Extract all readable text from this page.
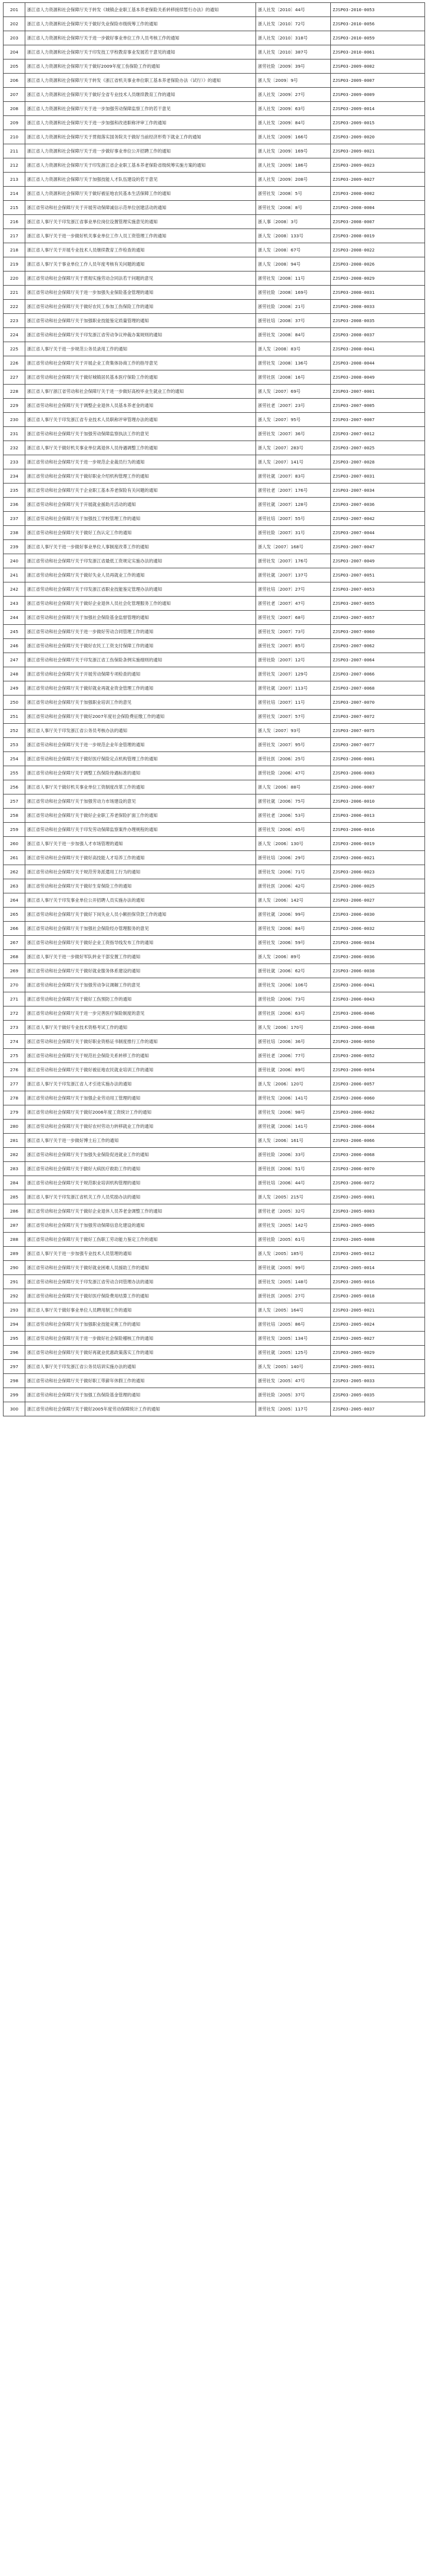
201	浙江省人力资源和社会保障厅关于转发《城镇企业职工基本养老保险关系转移接续暂行办法》的通知	浙人社发〔2010〕44号	ZJSP03-2010-0053
202	浙江省人力资源和社会保障厅关于做好失业保险市级统筹工作的通知	浙人社发〔2010〕72号	ZJSP03-2010-0056
203	浙江省人力资源和社会保障厅关于进一步做好事业单位工作人员考核工作的通知	浙人社发〔2010〕318号	ZJSP03-2010-0059
204	浙江省人力资源和社会保障厅关于印发技工学校教育事业发展若干意见的通知	浙人社发〔2010〕387号	ZJSP03-2010-0061
205	浙江省人力资源和社会保障厅关于做好2009年度工伤保险工作的通知	浙劳社险〔2009〕39号	ZJSP03-2009-0002
206	浙江省人力资源和社会保障厅关于转发《浙江省机关事业单位职工基本养老保险办法（试行）》的通知	浙人发〔2009〕9号	ZJSP03-2009-0007
207	浙江省人力资源和社会保障厅关于做好全省专业技术人员继续教育工作的通知	浙人社发〔2009〕27号	ZJSP03-2009-0009
208	浙江省人力资源和社会保障厅关于进一步加强劳动保障监察工作的若干意见	浙人社发〔2009〕63号	ZJSP03-2009-0014
209	浙江省人力资源和社会保障厅关于进一步加强和改进职称评审工作的通知	浙人社发〔2009〕84号	ZJSP03-2009-0015
210	浙江省人力资源和社会保障厅关于贯彻落实国务院关于做好当前经济形势下就业工作的通知	浙人社发〔2009〕166号	ZJSP03-2009-0020
211	浙江省人力资源和社会保障厅关于进一步做好事业单位公开招聘工作的通知	浙人社发〔2009〕169号	ZJSP03-2009-0021
212	浙江省人力资源和社会保障厅关于印发浙江省企业职工基本养老保险省级统筹实施方案的通知	浙人社发〔2009〕186号	ZJSP03-2009-0023
213	浙江省人力资源和社会保障厅关于加强技能人才队伍建设的若干意见	浙人社发〔2009〕208号	ZJSP03-2009-0027
214	浙江省人力资源和社会保障厅关于做好被征地农民基本生活保障工作的通知	浙劳社发〔2008〕5号	ZJSP03-2008-0002
215	浙江省劳动和社会保障厅关于开展劳动保障诚信示范单位创建活动的通知	浙劳社发〔2008〕8号	ZJSP03-2008-0004
216	浙江省人事厅关于印发浙江省事业单位岗位设置管理实施意见的通知	浙人事〔2008〕3号	ZJSP03-2008-0007
217	浙江省人事厅关于进一步做好机关事业单位工作人员工资管理工作的通知	浙人发〔2008〕133号	ZJSP03-2008-0019
218	浙江省人事厅关于开展专业技术人员继续教育工作检查的通知	浙人发〔2008〕67号	ZJSP03-2008-0022
219	浙江省人事厅关于事业单位工作人员年度考核有关问题的通知	浙人发〔2008〕94号	ZJSP03-2008-0026
220	浙江省劳动和社会保障厅关于贯彻实施劳动合同法若干问题的意见	浙劳社发〔2008〕11号	ZJSP03-2008-0029
221	浙江省劳动和社会保障厅关于进一步加强失业保险基金管理的通知	浙劳社险〔2008〕169号	ZJSP03-2008-0031
222	浙江省劳动和社会保障厅关于做好农民工参加工伤保险工作的通知	浙劳社险〔2008〕21号	ZJSP03-2008-0033
223	浙江省劳动和社会保障厅关于加强职业技能鉴定质量管理的通知	浙劳社培〔2008〕37号	ZJSP03-2008-0035
224	浙江省劳动和社会保障厅关于印发浙江省劳动争议仲裁办案规则的通知	浙劳社发〔2008〕84号	ZJSP03-2008-0037
225	浙江省人事厅关于进一步规范公务员录用工作的通知	浙人发〔2008〕83号	ZJSP03-2008-0041
226	浙江省劳动和社会保障厅关于开展企业工资集体协商工作的指导意见	浙劳社发〔2008〕136号	ZJSP03-2008-0044
227	浙江省劳动和社会保障厅关于做好城镇居民基本医疗保险工作的通知	浙劳社医〔2008〕16号	ZJSP03-2008-0049
228	浙江省人事厅浙江省劳动和社会保障厅关于进一步做好高校毕业生就业工作的通知	浙人发〔2007〕69号	ZJSP03-2007-0001
229	浙江省劳动和社会保障厅关于调整企业退休人员基本养老金的通知	浙劳社老〔2007〕23号	ZJSP03-2007-0005
230	浙江省人事厅关于印发浙江省专业技术人员职称评审管理办法的通知	浙人发〔2007〕95号	ZJSP03-2007-0007
231	浙江省劳动和社会保障厅关于加强劳动保障监察执法工作的意见	浙劳社发〔2007〕36号	ZJSP03-2007-0012
232	浙江省人事厅关于做好机关事业单位离退休人员待遇调整工作的通知	浙人发〔2007〕283号	ZJSP03-2007-0025
233	浙江省劳动和社会保障厅关于进一步规范企业裁员行为的通知	浙人发〔2007〕141号	ZJSP03-2007-0028
234	浙江省劳动和社会保障厅关于做好职业介绍机构管理工作的通知	浙劳社就〔2007〕83号	ZJSP03-2007-0031
235	浙江省劳动和社会保障厅关于企业职工基本养老保险有关问题的通知	浙劳社老〔2007〕176号	ZJSP03-2007-0034
236	浙江省劳动和社会保障厅关于开展就业援助月活动的通知	浙劳社就〔2007〕128号	ZJSP03-2007-0036
237	浙江省劳动和社会保障厅关于加强技工学校管理工作的通知	浙劳社培〔2007〕55号	ZJSP03-2007-0042
238	浙江省劳动和社会保障厅关于做好工伤认定工作的通知	浙劳社险〔2007〕31号	ZJSP03-2007-0044
239	浙江省人事厅关于进一步做好事业单位人事制度改革工作的通知	浙人发〔2007〕168号	ZJSP03-2007-0047
240	浙江省劳动和社会保障厅关于印发浙江省最低工资规定实施办法的通知	浙劳社发〔2007〕176号	ZJSP03-2007-0049
241	浙江省劳动和社会保障厅关于做好失业人员再就业工作的通知	浙劳社就〔2007〕137号	ZJSP03-2007-0051
242	浙江省劳动和社会保障厅关于印发浙江省职业技能鉴定管理办法的通知	浙劳社培〔2007〕27号	ZJSP03-2007-0053
243	浙江省劳动和社会保障厅关于做好企业退休人员社会化管理服务工作的通知	浙劳社老〔2007〕47号	ZJSP03-2007-0055
244	浙江省劳动和社会保障厅关于加强社会保险基金监督管理的通知	浙劳社发〔2007〕68号	ZJSP03-2007-0057
245	浙江省劳动和社会保障厅关于进一步做好劳动合同管理工作的通知	浙劳社发〔2007〕73号	ZJSP03-2007-0060
246	浙江省劳动和社会保障厅关于做好农民工工资支付保障工作的通知	浙劳社发〔2007〕85号	ZJSP03-2007-0062
247	浙江省劳动和社会保障厅关于印发浙江省工伤保险条例实施细则的通知	浙劳社险〔2007〕12号	ZJSP03-2007-0064
248	浙江省劳动和社会保障厅关于开展劳动保障专项检查的通知	浙劳社发〔2007〕129号	ZJSP03-2007-0066
249	浙江省劳动和社会保障厅关于做好就业再就业资金管理工作的通知	浙劳社就〔2007〕113号	ZJSP03-2007-0068
250	浙江省劳动和社会保障厅关于加强职业培训工作的意见	浙劳社培〔2007〕11号	ZJSP03-2007-0070
251	浙江省劳动和社会保障厅关于做好2007年度社会保险费征缴工作的通知	浙劳社发〔2007〕57号	ZJSP03-2007-0072
252	浙江省人事厅关于印发浙江省公务员考核办法的通知	浙人发〔2007〕93号	ZJSP03-2007-0075
253	浙江省劳动和社会保障厅关于进一步规范企业年金管理的通知	浙劳社发〔2007〕95号	ZJSP03-2007-0077
254	浙江省劳动和社会保障厅关于做好医疗保险定点机构管理工作的通知	浙劳社医〔2006〕25号	ZJSP03-2006-0001
255	浙江省劳动和社会保障厅关于调整工伤保险待遇标准的通知	浙劳社险〔2006〕47号	ZJSP03-2006-0003
256	浙江省人事厅关于做好机关事业单位工资制度改革工作的通知	浙人发〔2006〕88号	ZJSP03-2006-0007
257	浙江省劳动和社会保障厅关于加强劳动力市场建设的意见	浙劳社就〔2006〕75号	ZJSP03-2006-0010
258	浙江省劳动和社会保障厅关于做好企业职工养老保险扩面工作的通知	浙劳社老〔2006〕53号	ZJSP03-2006-0013
259	浙江省劳动和社会保障厅关于印发劳动保障监察案件办理规程的通知	浙劳社发〔2006〕45号	ZJSP03-2006-0016
260	浙江省人事厅关于进一步加强人才市场管理的通知	浙人发〔2006〕130号	ZJSP03-2006-0019
261	浙江省劳动和社会保障厅关于做好高技能人才培养工作的通知	浙劳社培〔2006〕29号	ZJSP03-2006-0021
262	浙江省劳动和社会保障厅关于规范劳务派遣用工行为的通知	浙劳社发〔2006〕71号	ZJSP03-2006-0023
263	浙江省劳动和社会保障厅关于做好生育保险工作的通知	浙劳社医〔2006〕42号	ZJSP03-2006-0025
264	浙江省人事厅关于印发事业单位公开招聘人员实施办法的通知	浙人发〔2006〕142号	ZJSP03-2006-0027
265	浙江省劳动和社会保障厅关于做好下岗失业人员小额担保贷款工作的通知	浙劳社就〔2006〕99号	ZJSP03-2006-0030
266	浙江省劳动和社会保障厅关于加强社会保险经办管理服务的意见	浙劳社发〔2006〕84号	ZJSP03-2006-0032
267	浙江省劳动和社会保障厅关于做好企业工资指导线发布工作的通知	浙劳社发〔2006〕59号	ZJSP03-2006-0034
268	浙江省人事厅关于进一步做好军队转业干部安置工作的通知	浙人发〔2006〕89号	ZJSP03-2006-0036
269	浙江省劳动和社会保障厅关于做好就业服务体系建设的通知	浙劳社就〔2006〕62号	ZJSP03-2006-0038
270	浙江省劳动和社会保障厅关于加强劳动争议调解工作的意见	浙劳社发〔2006〕106号	ZJSP03-2006-0041
271	浙江省劳动和社会保障厅关于做好工伤预防工作的通知	浙劳社险〔2006〕73号	ZJSP03-2006-0043
272	浙江省劳动和社会保障厅关于进一步完善医疗保险制度的意见	浙劳社医〔2006〕63号	ZJSP03-2006-0046
273	浙江省人事厅关于做好专业技术资格考试工作的通知	浙人发〔2006〕170号	ZJSP03-2006-0048
274	浙江省劳动和社会保障厅关于做好职业资格证书制度推行工作的通知	浙劳社培〔2006〕36号	ZJSP03-2006-0050
275	浙江省劳动和社会保障厅关于规范社会保险关系转移工作的通知	浙劳社老〔2006〕77号	ZJSP03-2006-0052
276	浙江省劳动和社会保障厅关于做好被征地农民就业培训工作的通知	浙劳社就〔2006〕89号	ZJSP03-2006-0054
277	浙江省人事厅关于印发浙江省人才引进实施办法的通知	浙人发〔2006〕120号	ZJSP03-2006-0057
278	浙江省劳动和社会保障厅关于加强企业劳动用工管理的通知	浙劳社发〔2006〕141号	ZJSP03-2006-0060
279	浙江省劳动和社会保障厅关于做好2006年度工资统计工作的通知	浙劳社发〔2006〕98号	ZJSP03-2006-0062
280	浙江省劳动和社会保障厅关于做好农村劳动力转移就业工作的通知	浙劳社就〔2006〕141号	ZJSP03-2006-0064
281	浙江省人事厅关于进一步做好博士后工作的通知	浙人发〔2006〕161号	ZJSP03-2006-0066
282	浙江省劳动和社会保障厅关于加强失业保险促进就业工作的通知	浙劳社险〔2006〕33号	ZJSP03-2006-0068
283	浙江省劳动和社会保障厅关于做好大病医疗救助工作的通知	浙劳社医〔2006〕51号	ZJSP03-2006-0070
284	浙江省劳动和社会保障厅关于规范职业培训机构管理的通知	浙劳社培〔2006〕44号	ZJSP03-2006-0072
285	浙江省人事厅关于印发浙江省机关工作人员奖励办法的通知	浙人发〔2005〕215号	ZJSP03-2005-0001
286	浙江省劳动和社会保障厅关于做好企业退休人员养老金调整工作的通知	浙劳社老〔2005〕32号	ZJSP03-2005-0003
287	浙江省劳动和社会保障厅关于加强劳动保障信息化建设的通知	浙劳社发〔2005〕142号	ZJSP03-2005-0005
288	浙江省劳动和社会保障厅关于做好工伤职工劳动能力鉴定工作的通知	浙劳社险〔2005〕61号	ZJSP03-2005-0008
289	浙江省人事厅关于进一步加强专业技术人员管理的通知	浙人发〔2005〕185号	ZJSP03-2005-0012
290	浙江省劳动和社会保障厅关于做好就业困难人员援助工作的通知	浙劳社就〔2005〕99号	ZJSP03-2005-0014
291	浙江省劳动和社会保障厅关于印发浙江省劳动合同管理办法的通知	浙劳社发〔2005〕148号	ZJSP03-2005-0016
292	浙江省劳动和社会保障厅关于做好医疗保险费用结算工作的通知	浙劳社医〔2005〕27号	ZJSP03-2005-0018
293	浙江省人事厅关于做好事业单位人员聘用制工作的通知	浙人发〔2005〕164号	ZJSP03-2005-0021
294	浙江省劳动和社会保障厅关于加强职业技能竞赛工作的通知	浙劳社培〔2005〕86号	ZJSP03-2005-0024
295	浙江省劳动和社会保障厅关于进一步做好社会保险稽核工作的通知	浙劳社发〔2005〕134号	ZJSP03-2005-0027
296	浙江省劳动和社会保障厅关于做好再就业优惠政策落实工作的通知	浙劳社就〔2005〕125号	ZJSP03-2005-0029
297	浙江省人事厅关于印发浙江省公务员培训实施办法的通知	浙人发〔2005〕140号	ZJSP03-2005-0031
298	浙江省劳动和社会保障厅关于做好职工带薪年休假工作的通知	浙劳社发〔2005〕47号	ZJSP03-2005-0033
299	浙江省劳动和社会保障厅关于加强工伤保险基金管理的通知	浙劳社险〔2005〕37号	ZJSP03-2005-0035
300	浙江省劳动和社会保障厅关于做好2005年度劳动保障统计工作的通知	浙劳社发〔2005〕117号	ZJSP03-2005-0037
